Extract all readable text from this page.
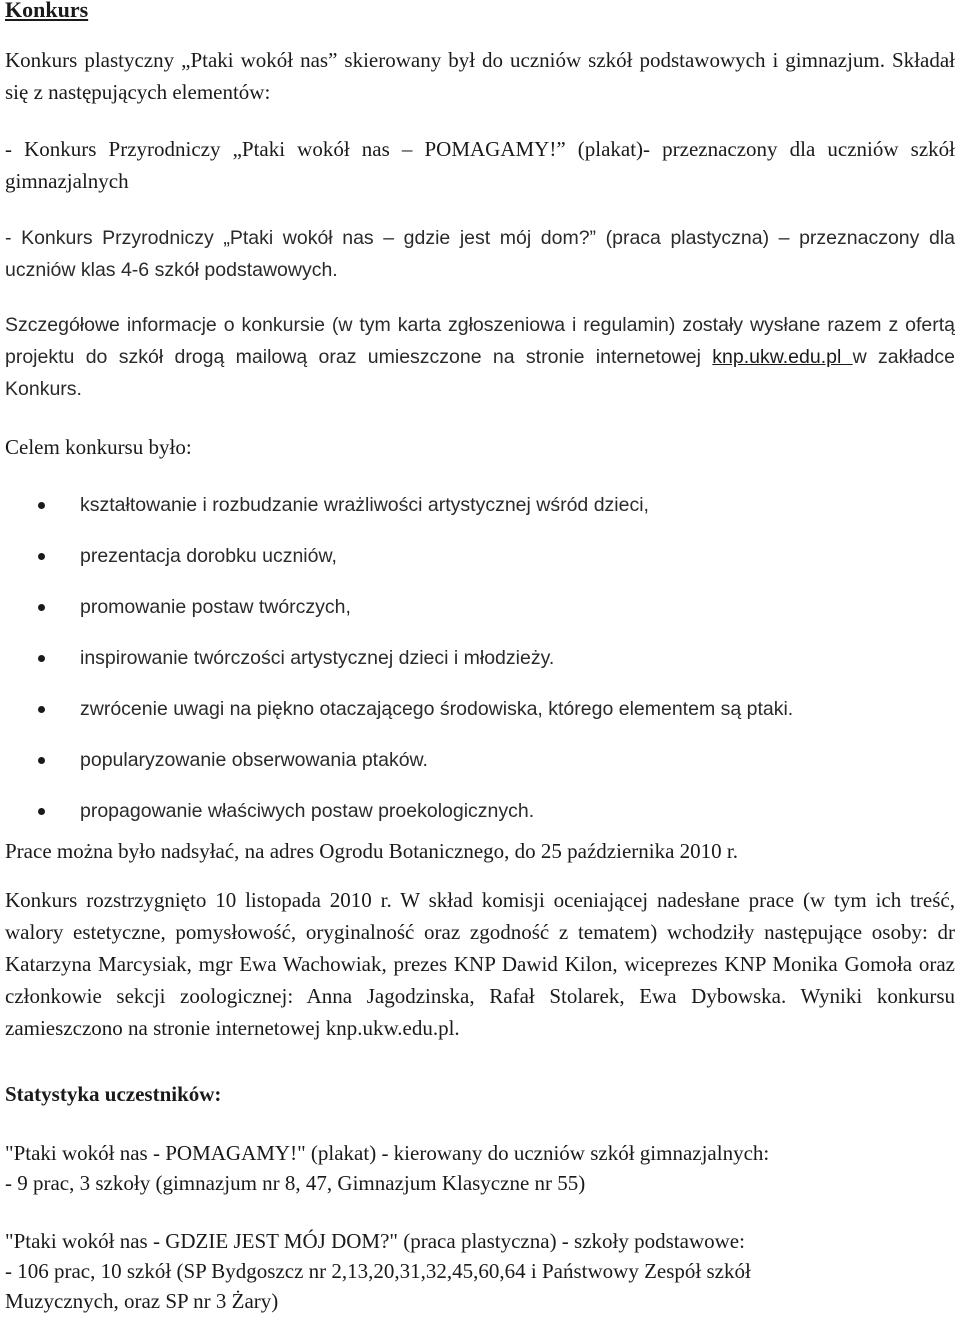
Konkurs

Konkurs plastyczny „Ptaki wokół nas” skierowany był do uczniów szkół podstawowych i gimnazjum. Składał się z następujących elementów:

- Konkurs Przyrodniczy „Ptaki wokół nas – POMAGAMY!” (plakat)- przeznaczony dla uczniów szkół gimnazjalnych

- Konkurs Przyrodniczy „Ptaki wokół nas – gdzie jest mój dom?” (praca plastyczna) – przeznaczony dla uczniów klas 4-6 szkół podstawowych.

Szczegółowe informacje o konkursie (w tym karta zgłoszeniowa i regulamin) zostały wysłane razem z ofertą projektu do szkół drogą mailową oraz umieszczone na stronie internetowej knp.ukw.edu.pl w zakładce Konkurs.

Celem konkursu było:

kształtowanie i rozbudzanie wrażliwości artystycznej wśród dzieci,
prezentacja dorobku uczniów,
promowanie postaw twórczych,
inspirowanie twórczości artystycznej dzieci i młodzieży.
zwrócenie uwagi na piękno otaczającego środowiska, którego elementem są ptaki.
popularyzowanie obserwowania ptaków.
propagowanie właściwych postaw proekologicznych.

Prace można było nadsyłać, na adres Ogrodu Botanicznego, do 25 października 2010 r.

Konkurs rozstrzygnięto 10 listopada 2010 r. W skład komisji oceniającej nadesłane prace (w tym ich treść, walory estetyczne, pomysłowość, oryginalność oraz zgodność z tematem) wchodziły następujące osoby: dr Katarzyna Marcysiak, mgr Ewa Wachowiak, prezes KNP Dawid Kilon, wiceprezes KNP Monika Gomoła oraz członkowie sekcji zoologicznej: Anna Jagodzinska, Rafał Stolarek, Ewa Dybowska. Wyniki konkursu zamieszczono na stronie internetowej knp.ukw.edu.pl.

Statystyka uczestników:

"Ptaki wokół nas - POMAGAMY!" (plakat) - kierowany do uczniów szkół gimnazjalnych:

- 9 prac, 3 szkoły (gimnazjum nr 8, 47, Gimnazjum Klasyczne nr 55)

"Ptaki wokół nas - GDZIE JEST MÓJ DOM?" (praca plastyczna) - szkoły podstawowe:

- 106 prac, 10 szkół (SP Bydgoszcz nr 2,13,20,31,32,45,60,64 i Państwowy Zespół szkół

Muzycznych, oraz SP nr 3 Żary)
